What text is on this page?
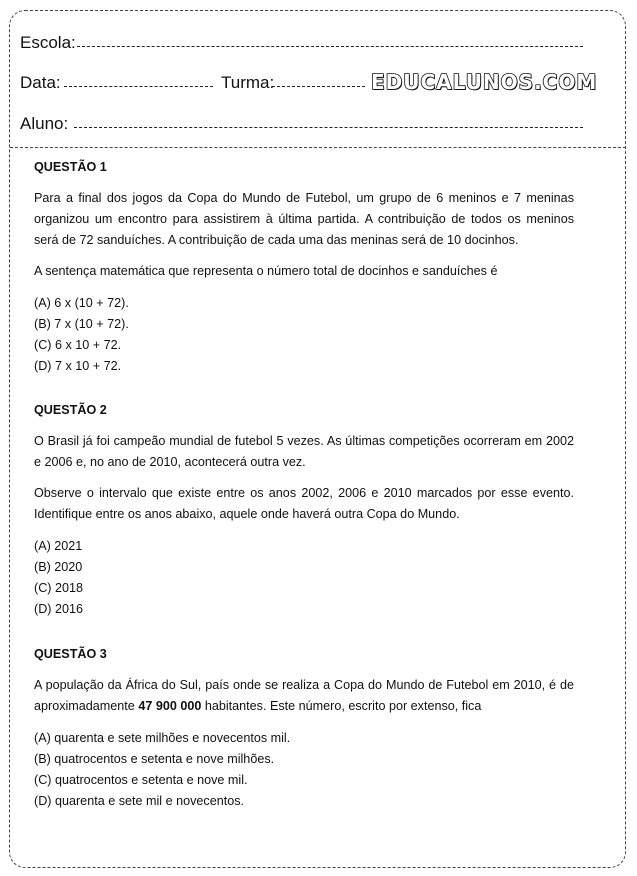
Escola:
Data:	Turma:	EDUCALUNOS.COM
Aluno:
QUESTÃO 1

Para a final dos jogos da Copa do Mundo de Futebol, um grupo de 6 meninos e 7 meninas organizou um encontro para assistirem à última partida. A contribuição de todos os meninos será de 72 sanduíches. A contribuição de cada uma das meninas será de 10 docinhos.

A sentença matemática que representa o número total de docinhos e sanduíches é

(A) 6 x (10 + 72).

(B) 7 x (10 + 72).

(C) 6 x 10 + 72.

(D) 7 x 10 + 72.

QUESTÃO 2

O Brasil já foi campeão mundial de futebol 5 vezes. As últimas competições ocorreram em 2002 e 2006 e, no ano de 2010, acontecerá outra vez.

Observe o intervalo que existe entre os anos 2002, 2006 e 2010 marcados por esse evento. Identifique entre os anos abaixo, aquele onde haverá outra Copa do Mundo.

(A) 2021

(B) 2020

(C) 2018

(D) 2016

QUESTÃO 3

A população da África do Sul, país onde se realiza a Copa do Mundo de Futebol em 2010, é de aproximadamente 47 900 000 habitantes. Este número, escrito por extenso, fica

(A) quarenta e sete milhões e novecentos mil.

(B) quatrocentos e setenta e nove milhões.

(C) quatrocentos e setenta e nove mil.

(D) quarenta e sete mil e novecentos.
